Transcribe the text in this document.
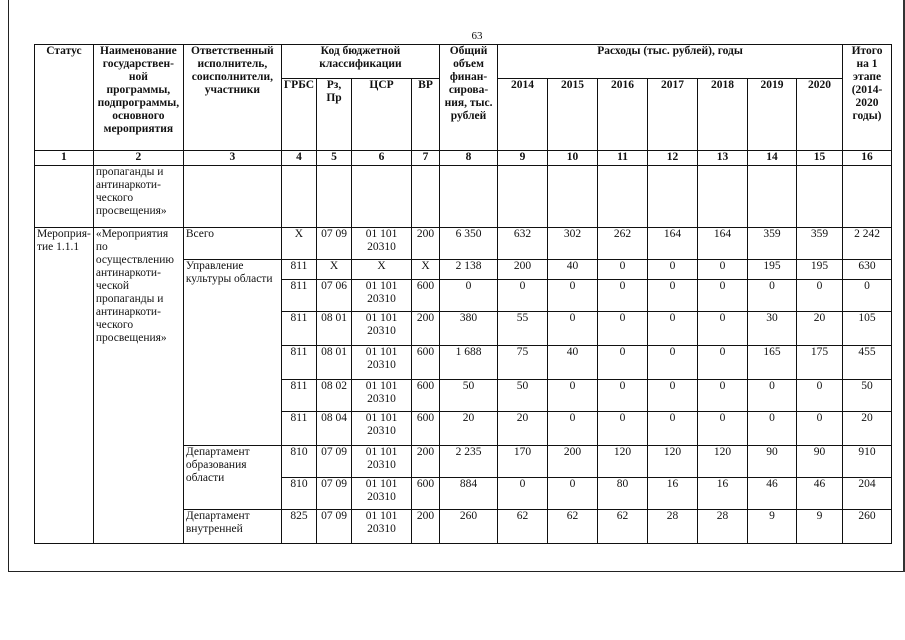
63
Статус	Наименование государствен- ной программы, подпрограммы, основного мероприятия	Ответственный исполнитель, соисполнители, участники	Код бюджетной классификации				Общий объем финан- сирова- ния, тыс. рублей	Расходы (тыс. рублей), годы							Итого на 1 этапе (2014- 2020 годы)
			ГРБС	Рз, Пр	ЦСР	ВР		2014	2015	2016	2017	2018	2019	2020	
1	2	3	4	5	6	7	8	9	10	11	12	13	14	15	16
	пропаганды и антинаркоти- ческого просвещения»														
Мероприя- тие 1.1.1	«Мероприятия по осуществлению антинаркоти- ческой пропаганды и антинаркоти- ческого просвещения»	Всего	Х	07 09	01 101 20310	200	6 350	632	302	262	164	164	359	359	2 242
		Управление культуры области	811	Х	Х	Х	2 138	200	40	0	0	0	195	195	630
			811	07 06	01 101 20310	600	0	0	0	0	0	0	0	0	0
			811	08 01	01 101 20310	200	380	55	0	0	0	0	30	20	105
			811	08 01	01 101 20310	600	1 688	75	40	0	0	0	165	175	455
			811	08 02	01 101 20310	600	50	50	0	0	0	0	0	0	50
			811	08 04	01 101 20310	600	20	20	0	0	0	0	0	0	20
		Департамент образования области	810	07 09	01 101 20310	200	2 235	170	200	120	120	120	90	90	910
			810	07 09	01 101 20310	600	884	0	0	80	16	16	46	46	204
		Департамент внутренней	825	07 09	01 101 20310	200	260	62	62	62	28	28	9	9	260
